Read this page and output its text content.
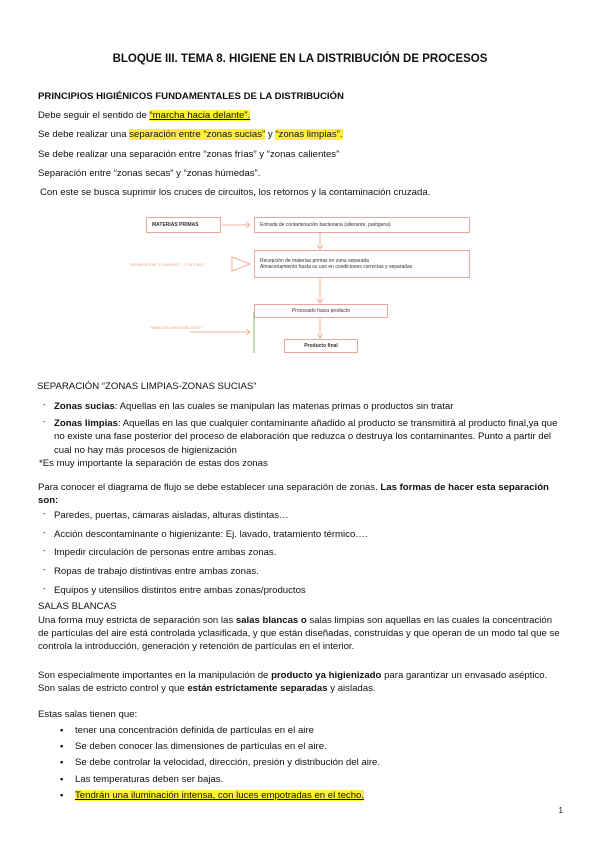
BLOQUE III. TEMA 8. HIGIENE EN LA DISTRIBUCIÓN DE PROCESOS
PRINCIPIOS HIGIÉNICOS FUNDAMENTALES DE LA DISTRIBUCIÓN
Debe seguir el sentido de “marcha hacia delante”.
Se debe realizar una separación entre “zonas sucias” y “zonas limpias”.
Se debe realizar una separación entre “zonas frías” y “zonas calientes”
Separación entre “zonas secas” y “zonas húmedas”.
Con este se busca suprimir los cruces de circuitos, los retornos y la contaminación cruzada.
MATERIAS PRIMAS	Entrada de contaminación bacteriana (alterante, patógena)
Recepción de materias primas en zona separada
Almacenamiento hasta su uso en condiciones correctas y separadas
Procesado hacia producto
Producto final
SEPARACIÓN “Z LIMPIAS” – “Z SUCIAS”
“MARCHA HACIA DELANTE”
SEPARACIÓN “ZONAS LIMPIAS-ZONAS SUCIAS”
- Zonas sucias: Aquellas en las cuales se manipulan las materias primas o productos sin tratar
- Zonas limpias: Aquellas en las que cualquier contaminante añadido al producto se transmitirá al producto final,ya que no existe una fase posterior del proceso de elaboración que reduzca o destruya los contaminantes. Punto a partir del cual no hay más procesos de higienización
*Es muy importante la separación de estas dos zonas
Para conocer el diagrama de flujo se debe establecer una separación de zonas. Las formas de hacer esta separación son:
- Paredes, puertas, cámaras aisladas, alturas distintas…
- Acción descontaminante o higienizante: Ej. lavado, tratamiento térmico….
- Impedir circulación de personas entre ambas zonas.
- Ropas de trabajo distintivas entre ambas zonas.
- Equipos y utensilios distintos entre ambas zonas/productos
SALAS BLANCAS
Una forma muy estricta de separación son las salas blancas o salas limpias son aquellas en las cuales la concentración de partículas del aire está controlada yclasificada, y que están diseñadas, construidas y que operan de un modo tal que se controla la introducción, generación y retención de partículas en el interior.
Son especialmente importantes en la manipulación de producto ya higienizado para garantizar un envasado aséptico. Son salas de estricto control y que están estrictamente separadas y aisladas.
Estas salas tienen que:
• tener una concentración definida de partículas en el aire
• Se deben conocer las dimensiones de partículas en el aire.
• Se debe controlar la velocidad, dirección, presión y distribución del aire.
• Las temperaturas deben ser bajas.
• Tendrán una iluminación intensa, con luces empotradas en el techo.
1
